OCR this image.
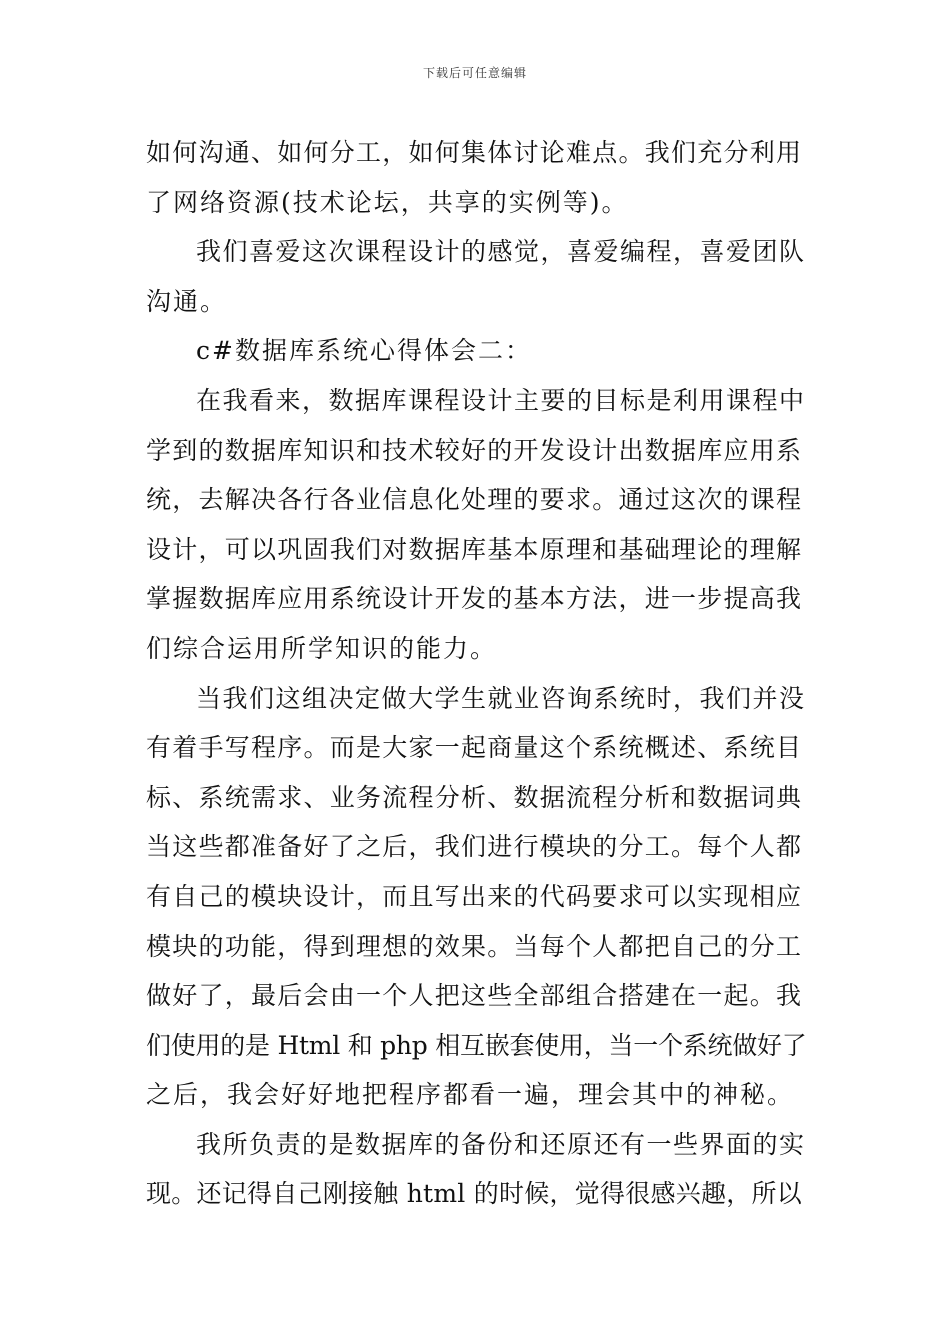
下载后可任意编辑
如何沟通、如何分工，如何集体讨论难点。我们充分利用
了网络资源(技术论坛，共享的实例等)。
我们喜爱这次课程设计的感觉，喜爱编程，喜爱团队
沟通。
c#数据库系统心得体会二：
在我看来，数据库课程设计主要的目标是利用课程中
学到的数据库知识和技术较好的开发设计出数据库应用系
统，去解决各行各业信息化处理的要求。通过这次的课程
设计，可以巩固我们对数据库基本原理和基础理论的理解
掌握数据库应用系统设计开发的基本方法，进一步提高我
们综合运用所学知识的能力。
当我们这组决定做大学生就业咨询系统时，我们并没
有着手写程序。而是大家一起商量这个系统概述、系统目
标、系统需求、业务流程分析、数据流程分析和数据词典
当这些都准备好了之后，我们进行模块的分工。每个人都
有自己的模块设计，而且写出来的代码要求可以实现相应
模块的功能，得到理想的效果。当每个人都把自己的分工
做好了，最后会由一个人把这些全部组合搭建在一起。我
们使用的是 Html 和 php 相互嵌套使用，当一个系统做好了
之后，我会好好地把程序都看一遍，理会其中的神秘。
我所负责的是数据库的备份和还原还有一些界面的实
现。还记得自己刚接触 html 的时候，觉得很感兴趣，所以
